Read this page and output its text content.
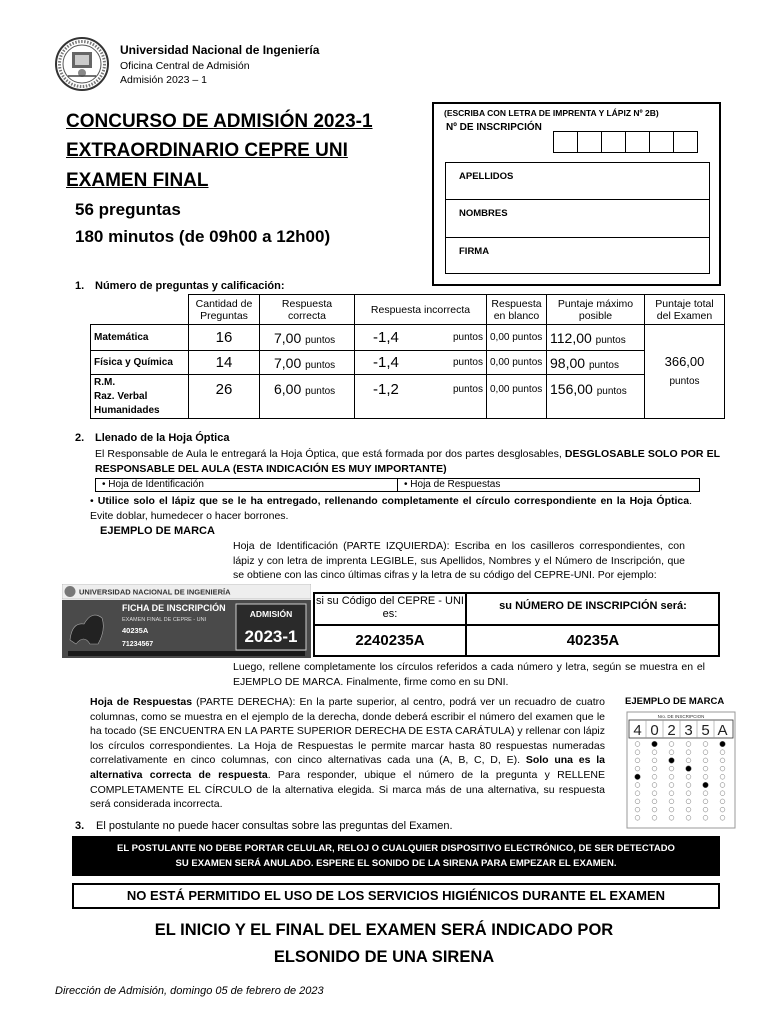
Universidad Nacional de Ingeniería
Oficina Central de Admisión
Admisión 2023 – 1
CONCURSO DE ADMISIÓN 2023-1
EXTRAORDINARIO CEPRE UNI
EXAMEN FINAL
56 preguntas
180 minutos (de 09h00 a 12h00)
(ESCRIBA CON LETRA DE IMPRENTA Y LÁPIZ Nº 2B)
Nº DE INSCRIPCIÓN
APELLIDOS
NOMBRES
FIRMA
1. Número de preguntas y calificación:
	Cantidad de Preguntas	Respuesta correcta	Respuesta incorrecta		Respuesta en blanco	Puntaje máximo posible	Puntaje total del Examen
Matemática	16	7,00 puntos	-1,4	puntos	0,00 puntos	112,00 puntos	366,00
puntos
Física y Química	14	7,00 puntos	-1,4	puntos	0,00 puntos	98,00 puntos	
R.M.
Raz. Verbal
Humanidades	26	6,00 puntos	-1,2	puntos	0,00 puntos	156,00 puntos	
2. Llenado de la Hoja Óptica
El Responsable de Aula le entregará la Hoja Óptica, que está formada por dos partes desglosables, DESGLOSABLE SOLO POR EL RESPONSABLE DEL AULA (ESTA INDICACIÓN ES MUY IMPORTANTE)
• Hoja de Identificación	• Hoja de Respuestas
• Utilice solo el lápiz que se le ha entregado, rellenando completamente el círculo correspondiente en la Hoja Óptica. Evite doblar, humedecer o hacer borrones.
EJEMPLO DE MARCA
Hoja de Identificación (PARTE IZQUIERDA): Escriba en los casilleros correspondientes, con lápiz y con letra de imprenta LEGIBLE, sus Apellidos, Nombres y el Número de Inscripción, que se obtiene con las cinco últimas cifras y la letra de su código del CEPRE-UNI. Por ejemplo:
UNIVERSIDAD NACIONAL DE INGENIERÍA
FICHA DE INSCRIPCIÓN
EXAMEN FINAL DE CEPRE - UNI
40235A
71234567
ADMISIÓN
2023-1
si su Código del CEPRE - UNI es:
su NÚMERO DE INSCRIPCIÓN será:
2240235A	40235A
Luego, rellene completamente los círculos referidos a cada número y letra, según se muestra en el EJEMPLO DE MARCA. Finalmente, firme como en su DNI.
Hoja de Respuestas (PARTE DERECHA): En la parte superior, al centro, podrá ver un recuadro de cuatro columnas, como se muestra en el ejemplo de la derecha, donde deberá escribir el número del examen que le ha tocado (SE ENCUENTRA EN LA PARTE SUPERIOR DERECHA DE ESTA CARÁTULA) y rellenar con lápiz los círculos correspondientes. La Hoja de Respuestas le permite marcar hasta 80 respuestas numeradas correlativamente en cinco columnas, con cinco alternativas cada una (A, B, C, D, E). Solo una es la alternativa correcta de respuesta. Para responder, ubique el número de la pregunta y RELLENE COMPLETAMENTE EL CÍRCULO de la alternativa elegida. Si marca más de una alternativa, su respuesta será considerada incorrecta.
EJEMPLO DE MARCA
Nro. DE INSCRIPCION
4 0 2 3 5 A
3. El postulante no puede hacer consultas sobre las preguntas del Examen.
EL POSTULANTE NO DEBE PORTAR CELULAR, RELOJ O CUALQUIER DISPOSITIVO ELECTRÓNICO, DE SER DETECTADO
SU EXAMEN SERÁ ANULADO. ESPERE EL SONIDO DE LA SIRENA PARA EMPEZAR EL EXAMEN.
NO ESTÁ PERMITIDO EL USO DE LOS SERVICIOS HIGIÉNICOS DURANTE EL EXAMEN
EL INICIO Y EL FINAL DEL EXAMEN SERÁ INDICADO POR
ELSONIDO DE UNA SIRENA
Dirección de Admisión, domingo 05 de febrero de 2023
